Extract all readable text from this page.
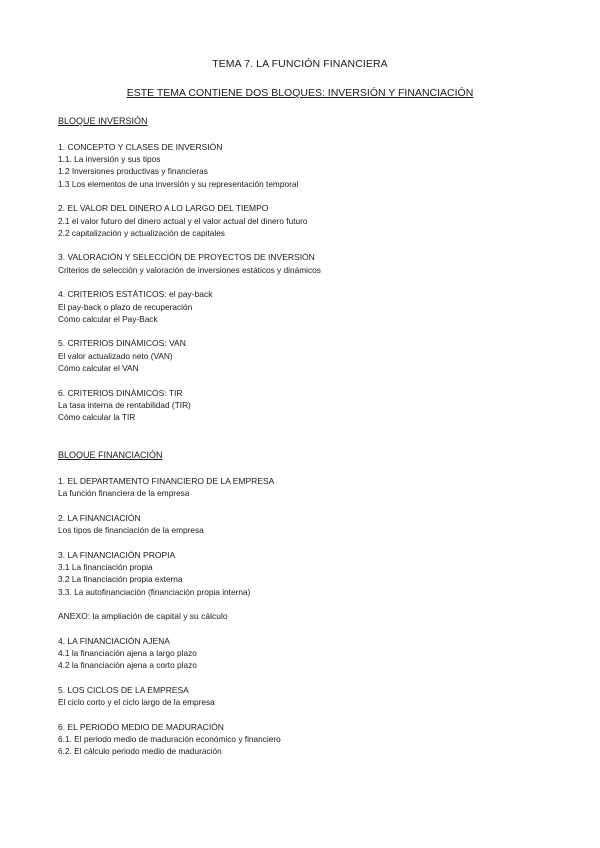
TEMA 7. LA FUNCIÓN FINANCIERA
ESTE TEMA CONTIENE DOS BLOQUES: INVERSIÓN Y FINANCIACIÓN

BLOQUE INVERSIÓN

1. CONCEPTO Y CLASES DE INVERSIÓN

1.1. La inversión y sus tipos

1.2 Inversiones productivas y financieras

1.3 Los elementos de una inversión y su representación temporal

2. EL VALOR DEL DINERO A LO LARGO DEL TIEMPO

2.1 el valor futuro del dinero actual y el valor actual del dinero futuro

2.2 capitalización y actualización de capitales

3. VALORACIÓN Y SELECCIÓN DE PROYECTOS DE INVERSIÓN

Criterios de selección y valoración de inversiones estáticos y dinámicos

4. CRITERIOS ESTÁTICOS: el pay-back

El pay-back o plazo de recuperación

Cómo calcular el Pay-Back

5. CRITERIOS DINÁMICOS: VAN

El valor actualizado neto (VAN)

Cómo calcular el VAN

6. CRITERIOS DINÁMICOS: TIR

La tasa interna de rentabilidad (TIR)

Cómo calcular la TIR

BLOQUE FINANCIACIÓN

1. EL DEPARTAMENTO FINANCIERO DE LA EMPRESA

La función financiera de la empresa

2. LA FINANCIACIÓN

Los tipos de financiación de la empresa

3. LA FINANCIACIÓN PROPIA

3.1 La financiación propia

3.2 La financiación propia externa

3.3. La autofinanciación (financiación propia interna)

ANEXO: la ampliación de capital y su cálculo

4. LA FINANCIACIÓN AJENA

4.1 la financiación ajena a largo plazo

4.2 la financiación ajena a corto plazo

5. LOS CICLOS DE LA EMPRESA

El ciclo corto y el ciclo largo de la empresa

6. EL PERIODO MEDIO DE MADURACIÓN

6.1. El periodo medio de maduración económico y financiero

6.2. El cálculo periodo medio de maduración
